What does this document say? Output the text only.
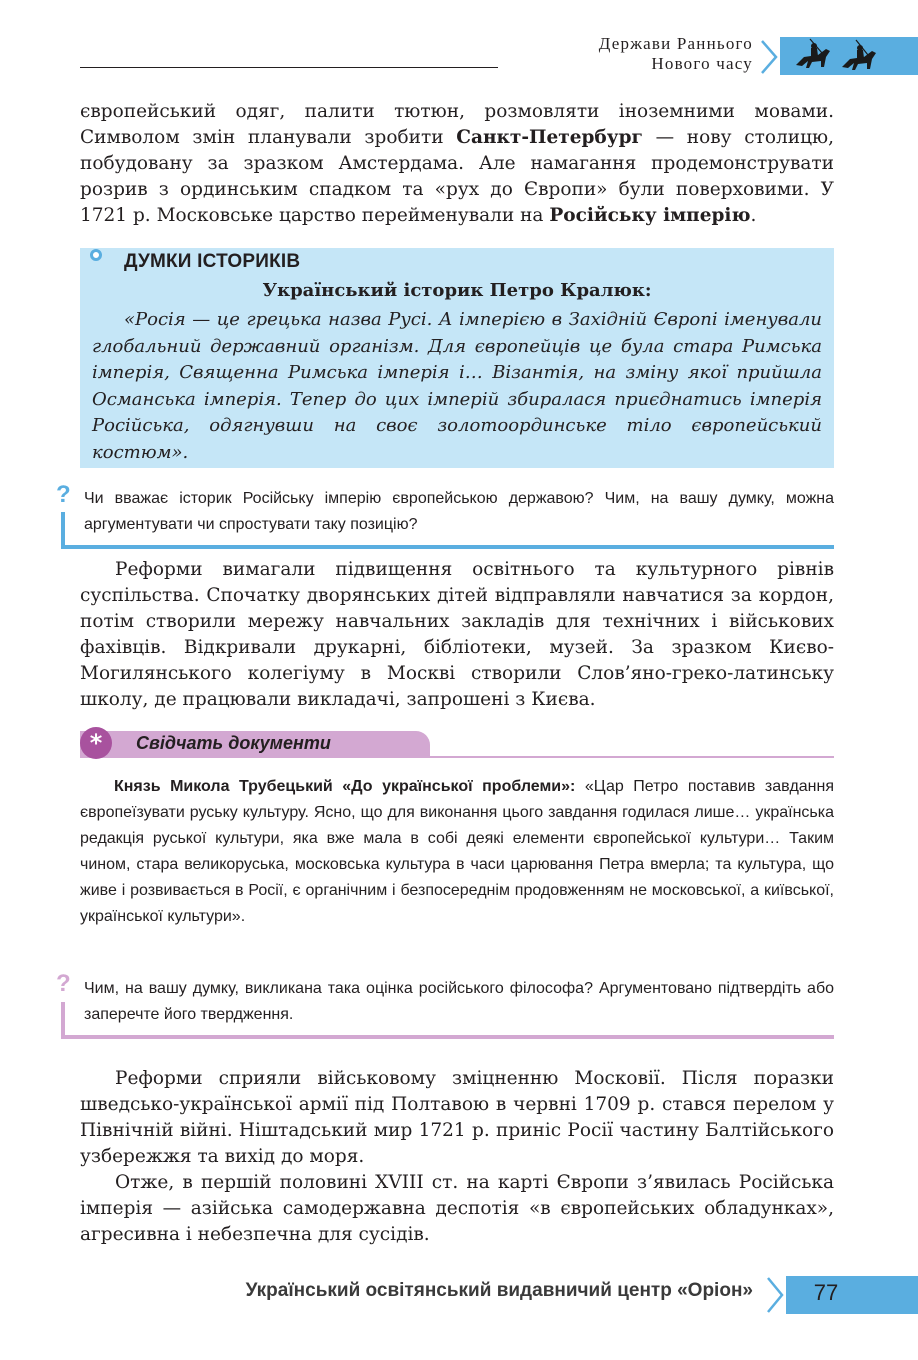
Держави Раннього
Нового часу

європейський одяг, палити тютюн, розмовляти іноземними мовами. Символом змін планували зробити Санкт-Петербург — нову столицю, побудовану за зразком Амстердама. Але намагання продемонструвати розрив з ординським спадком та «рух до Європи» були поверховими. У 1721 р. Московське царство перейменували на Російську імперію.

ДУМКИ ІСТОРИКІВ
Український історик Петро Кралюк:
«Росія — це грецька назва Русі. А імперією в Західній Європі іменували глобальний державний організм. Для європейців це була стара Римська імперія, Священна Римська імперія і… Візантія, на зміну якої прийшла Османська імперія. Тепер до цих імперій збиралася приєднатись імперія Російська, одягнувши на своє золотоординське тіло європейський костюм».
? Чи вважає історик Російську імперію європейською державою? Чим, на вашу думку, можна аргументувати чи спростувати таку позицію?
Реформи вимагали підвищення освітнього та культурного рівнів суспільства. Спочатку дворянських дітей відправляли навчатися за кордон, потім створили мережу навчальних закладів для технічних і військових фахівців. Відкривали друкарні, бібліотеки, музей. За зразком Києво-Могилянського колегіуму в Москві створили Слов’яно-греко-латинську школу, де працювали викладачі, запрошені з Києва.
*	Свідчать документи
Князь Микола Трубецький «До української проблеми»: «Цар Петро поставив завдання європеїзувати руську культуру. Ясно, що для виконання цього завдання годилася лише… українська редакція руської культури, яка вже мала в собі деякі елементи європейської культури… Таким чином, стара великоруська, московська культура в часи царювання Петра вмерла; та культура, що живе і розвивається в Росії, є органічним і безпосереднім продовженням не московської, а київської, української культури».
? Чим, на вашу думку, викликана така оцінка російського філософа? Аргументовано підтвердіть або заперечте його твердження.
Реформи сприяли військовому зміцненню Московії. Після поразки шведсько-української армії під Полтавою в червні 1709 р. стався перелом у Північній війні. Ніштадський мир 1721 р. приніс Росії частину Балтійського узбережжя та вихід до моря.
Отже, в першій половині XVIII ст. на карті Європи з’явилась Російська імперія — азійська самодержавна деспотія «в європейських обладунках», агресивна і небезпечна для сусідів.
Український освітянський видавничий центр «Оріон»	77
